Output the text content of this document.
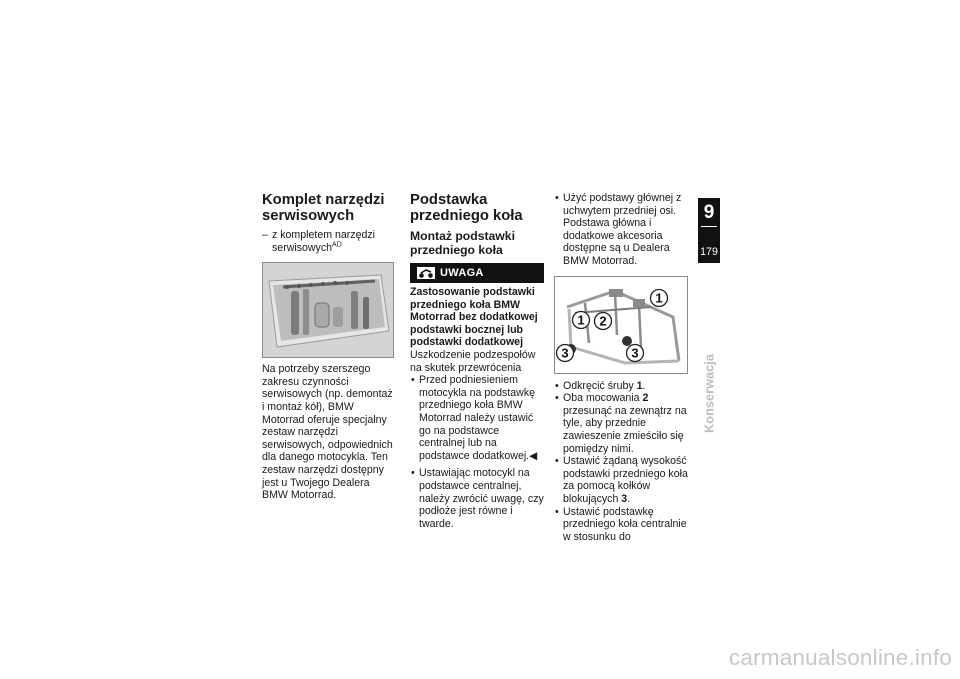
Komplet narzędzi serwisowych
– z kompletem narzędzi serwisowych$^{AD}$

Na potrzeby szerszego zakresu czynności serwisowych (np. demontaż i montaż kół), BMW Motorrad oferuje specjalny zestaw narzędzi serwisowych, odpowiednich dla danego motocykla. Ten zestaw narzędzi dostępny jest u Twojego Dealera BMW Motorrad.

Podstawka przedniego koła
Montaż podstawki przedniego koła
UWAGA

Zastosowanie podstawki przedniego koła BMW Motorrad bez dodatkowej podstawki bocznej lub podstawki dodatkowej

Uszkodzenie podzespołów na skutek przewrócenia

• Przed podniesieniem motocykla na podstawkę przedniego koła BMW Motorrad należy ustawić go na podstawce centralnej lub na podstawce dodatkowej.◀
• Ustawiając motocykl na podstawce centralnej, należy zwrócić uwagę, czy podłoże jest równe i twarde.
• Użyć podstawy głównej z uchwytem przedniej osi. Podstawa główna i dodatkowe akcesoria dostępne są u Dealera BMW Motorrad.
1
1 2
3	3
• Odkręcić śruby 1.
• Oba mocowania 2 przesunąć na zewnątrz na tyle, aby przednie zawieszenie zmieściło się pomiędzy nimi.
• Ustawić żądaną wysokość podstawki przedniego koła za pomocą kołków blokujących 3.
• Ustawić podstawkę przedniego koła centralnie w stosunku do
9
179
Konserwacja
carmanualsonline.info
